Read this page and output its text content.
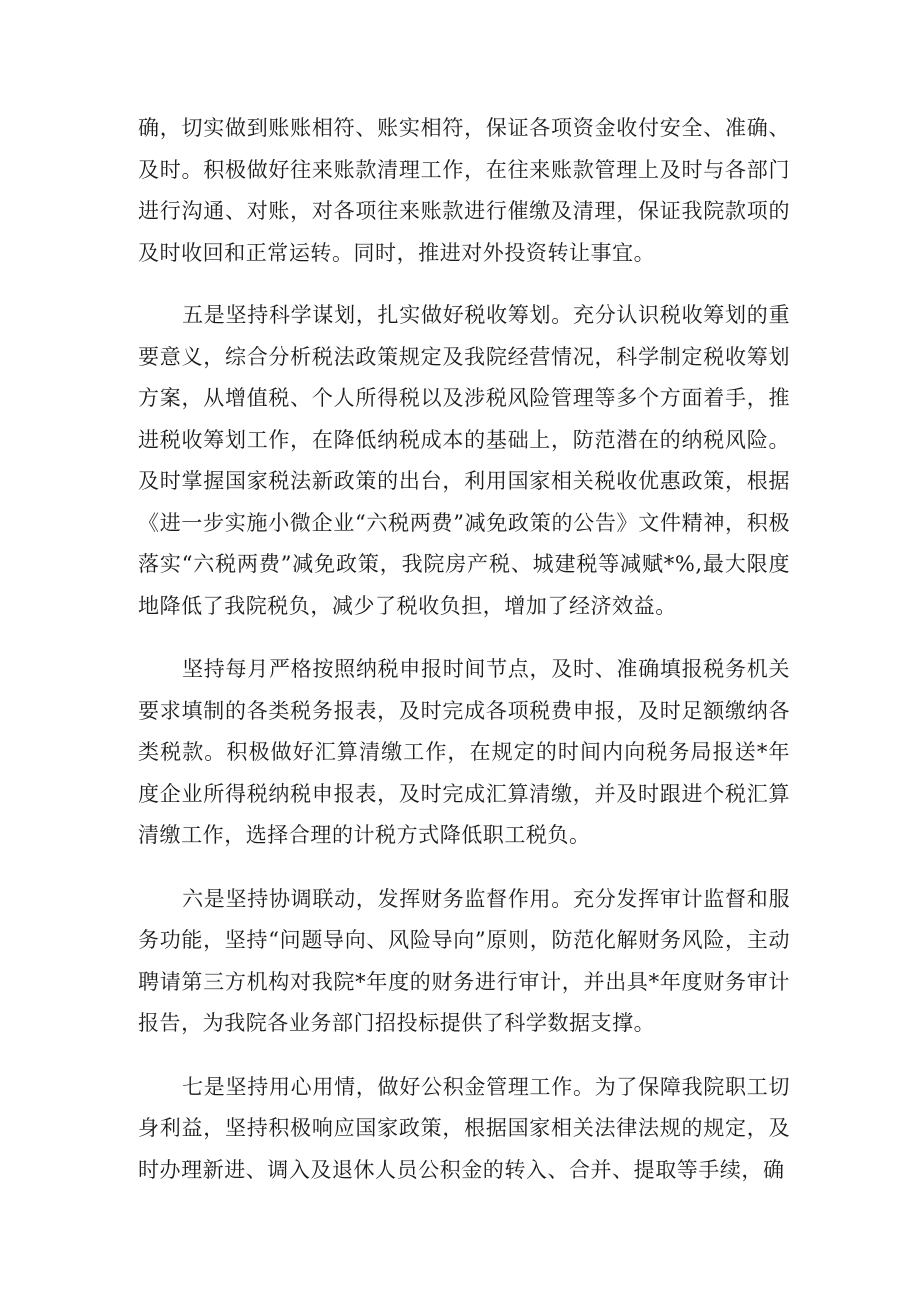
确，切实做到账账相符、账实相符，保证各项资金收付安全、准确、及时。积极做好往来账款清理工作，在往来账款管理上及时与各部门进行沟通、对账，对各项往来账款进行催缴及清理，保证我院款项的及时收回和正常运转。同时，推进对外投资转让事宜。

五是坚持科学谋划，扎实做好税收筹划。充分认识税收筹划的重要意义，综合分析税法政策规定及我院经营情况，科学制定税收筹划方案，从增值税、个人所得税以及涉税风险管理等多个方面着手，推进税收筹划工作，在降低纳税成本的基础上，防范潜在的纳税风险。及时掌握国家税法新政策的出台，利用国家相关税收优惠政策，根据《进一步实施小微企业“六税两费”减免政策的公告》文件精神，积极落实“六税两费”减免政策，我院房产税、城建税等减赋*%,最大限度地降低了我院税负，减少了税收负担，增加了经济效益。

坚持每月严格按照纳税申报时间节点，及时、准确填报税务机关要求填制的各类税务报表，及时完成各项税费申报，及时足额缴纳各类税款。积极做好汇算清缴工作，在规定的时间内向税务局报送*年度企业所得税纳税申报表，及时完成汇算清缴，并及时跟进个税汇算清缴工作，选择合理的计税方式降低职工税负。

六是坚持协调联动，发挥财务监督作用。充分发挥审计监督和服务功能，坚持“问题导向、风险导向”原则，防范化解财务风险，主动聘请第三方机构对我院*年度的财务进行审计，并出具*年度财务审计报告，为我院各业务部门招投标提供了科学数据支撑。

七是坚持用心用情，做好公积金管理工作。为了保障我院职工切身利益，坚持积极响应国家政策，根据国家相关法律法规的规定，及时办理新进、调入及退休人员公积金的转入、合并、提取等手续，确
